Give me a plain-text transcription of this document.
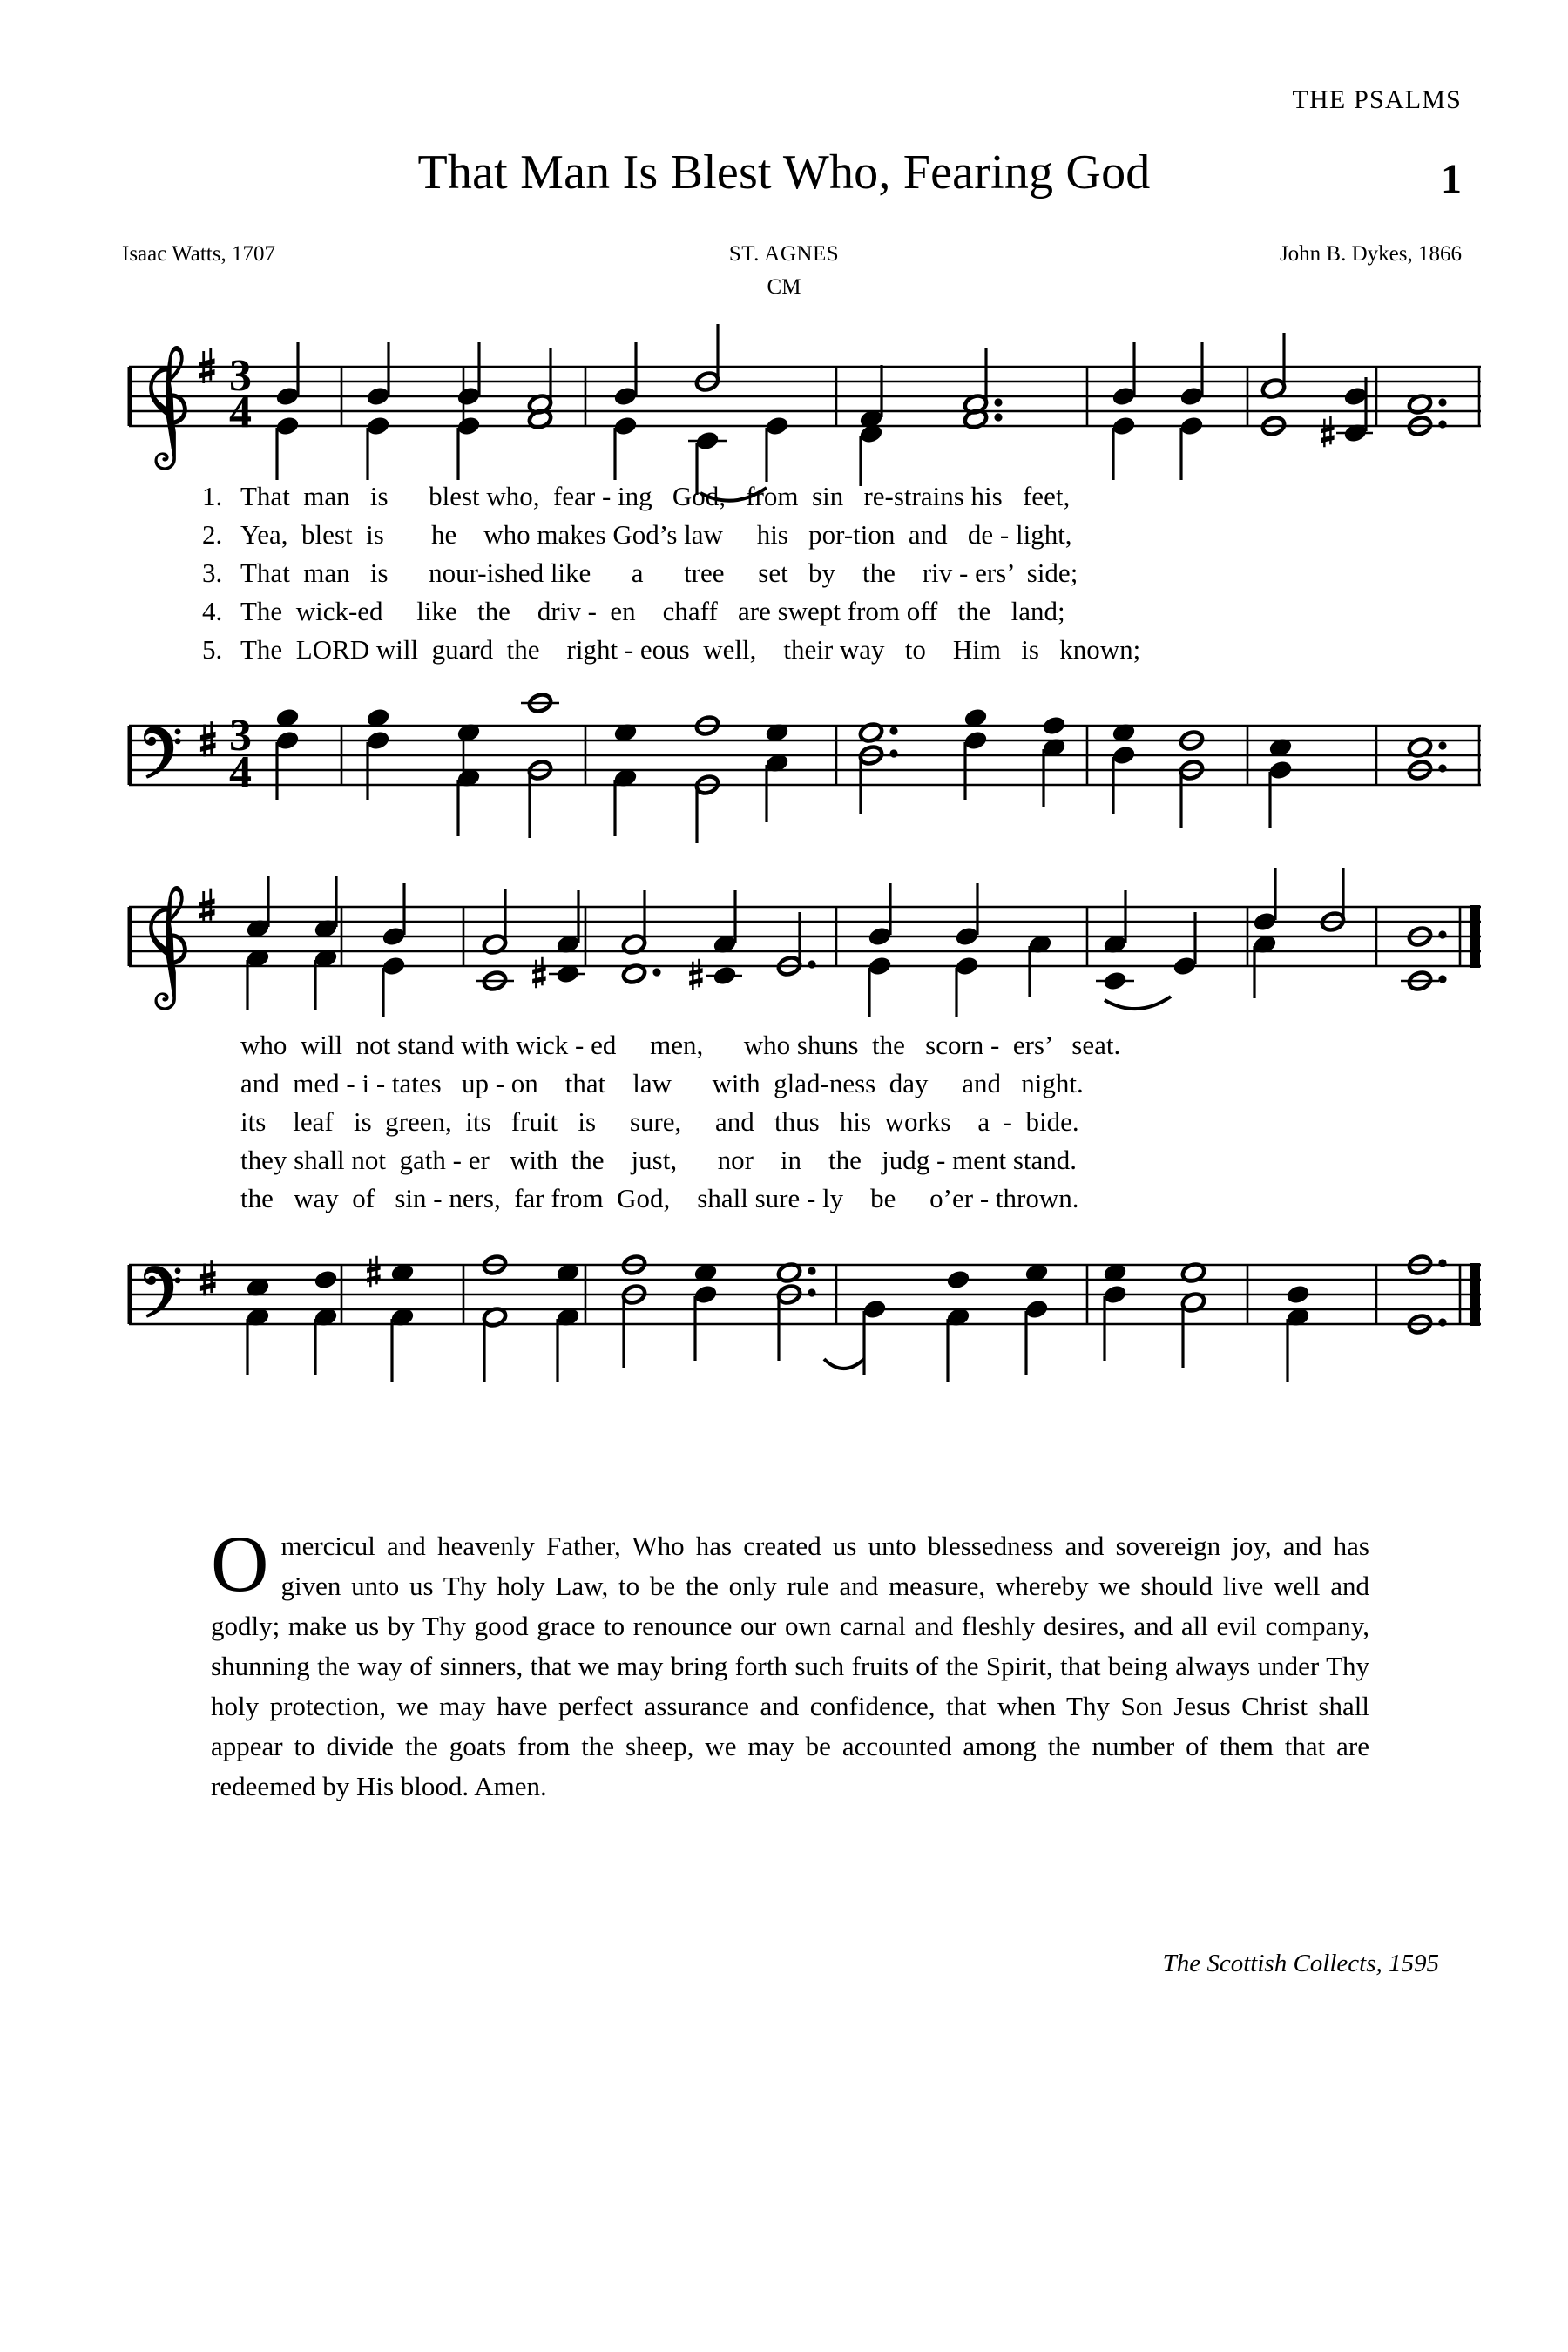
THE PSALMS
That Man Is Blest Who, Fearing God	1
Isaac Watts, 1707	ST. AGNES
CM
John B. Dykes, 1866
3
4
3
4
1. That  man   is      blest who,  fear - ing   God,   from  sin   re-strains his   feet,
2. Yea,  blest  is       he    who makes God’s law     his   por-tion  and   de - light,
3. That  man   is      nour-ished like      a      tree     set   by    the    riv - ers’  side;
4. The  wick-ed     like   the    driv -  en    chaff   are swept from off   the   land;
5. The  LORD will  guard  the    right - eous  well,    their way   to    Him   is   known;
who  will  not stand with wick - ed     men,      who shuns  the   scorn -  ers’   seat.
and  med - i - tates   up - on    that    law      with  glad-ness  day     and   night.
its    leaf   is  green,  its   fruit   is     sure,     and   thus   his  works    a  -  bide.
they shall not  gath - er   with  the    just,      nor    in    the   judg - ment stand.
the   way  of   sin - ners,  far from  God,    shall sure - ly    be     o’er - thrown.
Omercicul and heavenly Father, Who has created us unto blessedness and sovereign joy, and has given unto us Thy holy Law, to be the only rule and measure, whereby we should live well and godly; make us by Thy good grace to renounce our own carnal and fleshly desires, and all evil company, shunning the way of sinners, that we may bring forth such fruits of the Spirit, that being always under Thy holy protection, we may have perfect assurance and confidence, that when Thy Son Jesus Christ shall appear to divide the goats from the sheep, we may be accounted among the number of them that are redeemed by His blood. Amen.
The Scottish Collects, 1595
